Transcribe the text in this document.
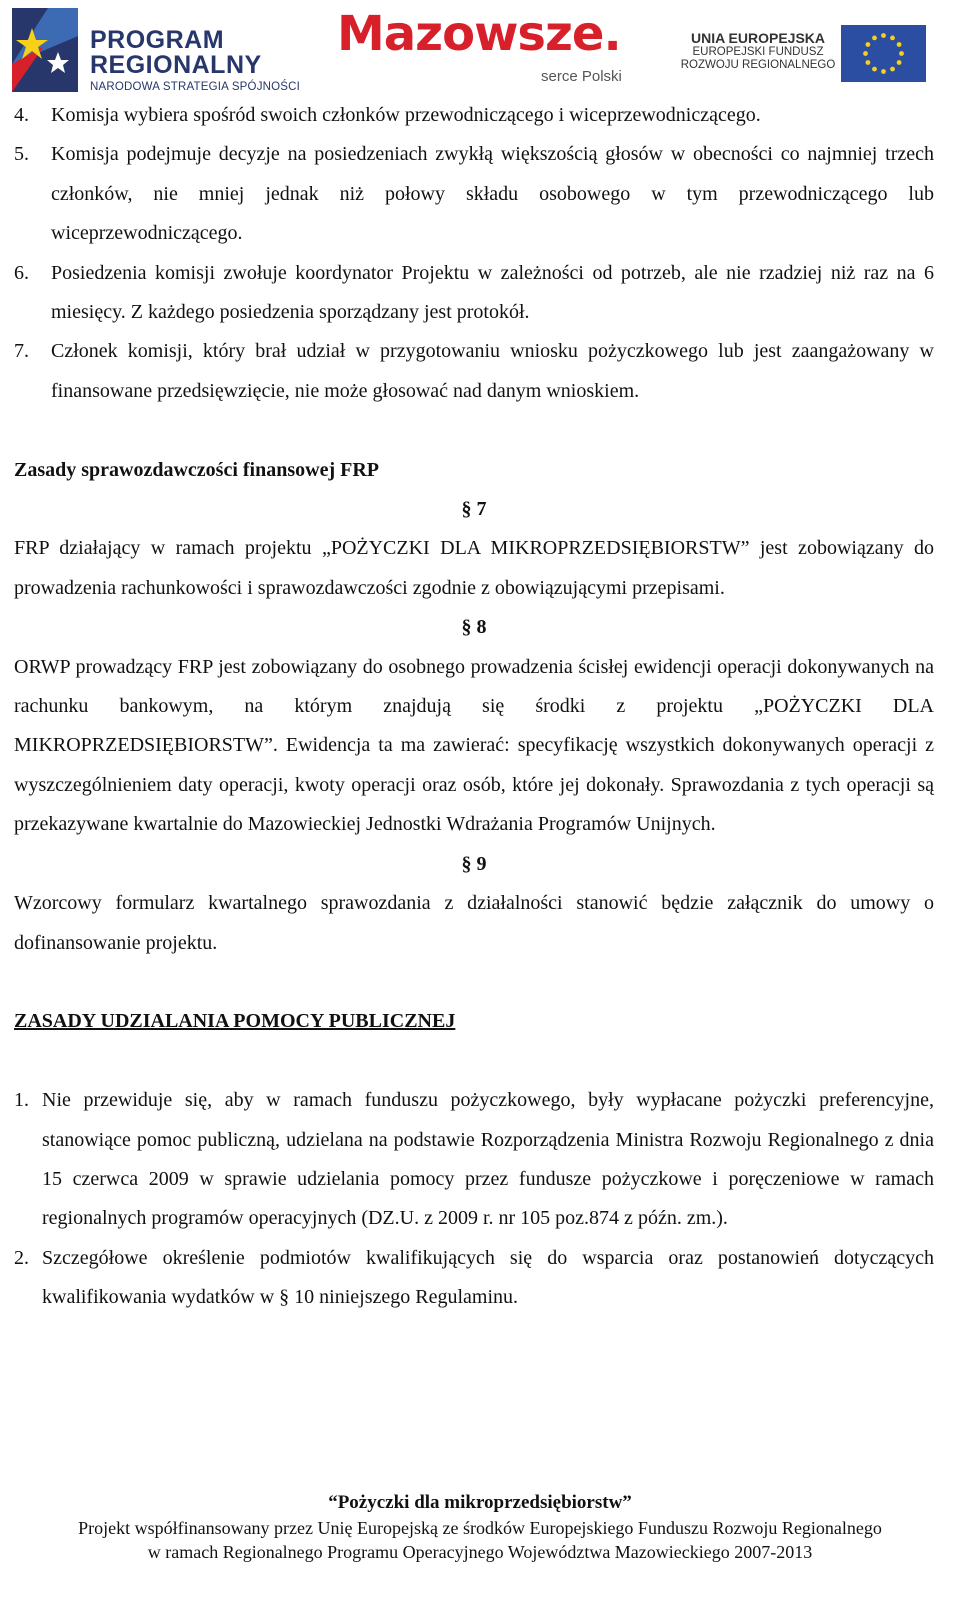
PROGRAM
REGIONALNY
NARODOWA STRATEGIA SPÓJNOŚCI
Mazowsze.
serce Polski
UNIA EUROPEJSKA
EUROPEJSKI FUNDUSZ
ROZWOJU REGIONALNEGO
4. Komisja wybiera spośród swoich członków przewodniczącego i wiceprzewodniczącego.
5. Komisja podejmuje decyzje na posiedzeniach zwykłą większością głosów w obecności co najmniej trzech członków, nie mniej jednak niż połowy składu osobowego w tym przewodniczącego lub wiceprzewodniczącego.
6. Posiedzenia komisji zwołuje koordynator Projektu w zależności od potrzeb, ale nie rzadziej niż raz na 6 miesięcy. Z każdego posiedzenia sporządzany jest protokół.
7. Członek komisji, który brał udział w przygotowaniu wniosku pożyczkowego lub jest zaangażowany w finansowane przedsięwzięcie, nie może głosować nad danym wnioskiem.
Zasady sprawozdawczości finansowej FRP
§ 7
FRP działający w ramach projektu „POŻYCZKI DLA MIKROPRZEDSIĘBIORSTW” jest zobowiązany do prowadzenia rachunkowości i sprawozdawczości zgodnie z obowiązującymi przepisami.
§ 8
ORWP prowadzący FRP jest zobowiązany do osobnego prowadzenia ścisłej ewidencji operacji dokonywanych na rachunku bankowym, na którym znajdują się środki z projektu „POŻYCZKI DLA MIKROPRZEDSIĘBIORSTW”. Ewidencja ta ma zawierać: specyfikację wszystkich dokonywanych operacji z wyszczególnieniem daty operacji, kwoty operacji oraz osób, które jej dokonały. Sprawozdania z tych operacji są przekazywane kwartalnie do Mazowieckiej Jednostki Wdrażania Programów Unijnych.
§ 9
Wzorcowy formularz kwartalnego sprawozdania z działalności stanowić będzie załącznik do umowy o dofinansowanie projektu.
ZASADY UDZIALANIA POMOCY PUBLICZNEJ
1. Nie przewiduje się, aby w ramach funduszu pożyczkowego, były wypłacane pożyczki preferencyjne, stanowiące pomoc publiczną, udzielana na podstawie Rozporządzenia Ministra Rozwoju Regionalnego z dnia 15 czerwca 2009 w sprawie udzielania pomocy przez fundusze pożyczkowe i poręczeniowe w ramach regionalnych programów operacyjnych (DZ.U. z 2009 r. nr 105 poz.874 z późn. zm.).
2. Szczegółowe określenie podmiotów kwalifikujących się do wsparcia oraz postanowień dotyczących kwalifikowania wydatków w § 10 niniejszego Regulaminu.
“Pożyczki dla mikroprzedsiębiorstw”
Projekt współfinansowany przez Unię Europejską ze środków Europejskiego Funduszu Rozwoju Regionalnego
w ramach Regionalnego Programu Operacyjnego Województwa Mazowieckiego 2007-2013
